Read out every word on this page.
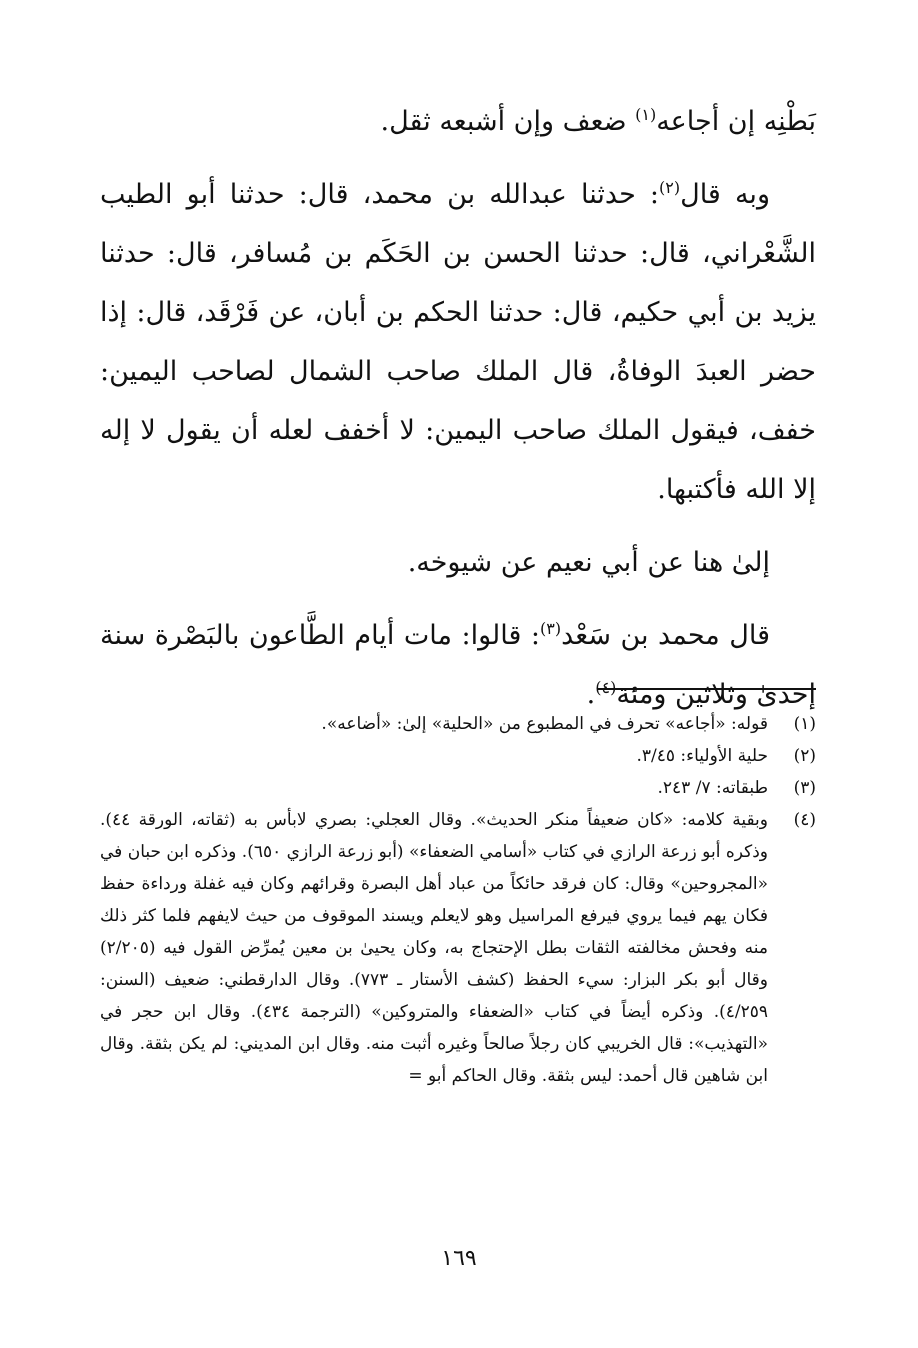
بَطْنِه إن أجاعه$^{(١)}$ ضعف وإن أشبعه ثقل.

وبه قال$^{(٢)}$: حدثنا عبدالله بن محمد، قال: حدثنا أبو الطيب الشَّعْراني، قال: حدثنا الحسن بن الحَكَم بن مُسافر، قال: حدثنا يزيد بن أبي حكيم، قال: حدثنا الحكم بن أبان، عن فَرْقَد، قال: إذا حضر العبدَ الوفاةُ، قال الملك صاحب الشمال لصاحب اليمين: خفف، فيقول الملك صاحب اليمين: لا أخفف لعله أن يقول لا إله إلا الله فأكتبها.

إلىٰ هنا عن أبي نعيم عن شيوخه.

قال محمد بن سَعْد$^{(٣)}$: قالوا: مات أيام الطَّاعون بالبَصْرة سنة إحدىٰ وثلاثين ومئة$^{(٤)}$.

(١)
قوله: «أجاعه» تحرف في المطبوع من «الحلية» إلىٰ: «أضاعه».
(٢)
حلية الأولياء: ٣/٤٥.
(٣)
طبقاته: ٧/ ٢٤٣.
(٤)
وبقية كلامه: «كان ضعيفاً منكر الحديث». وقال العجلي: بصري لابأس به (ثقاته، الورقة ٤٤). وذكره أبو زرعة الرازي في كتاب «أسامي الضعفاء» (أبو زرعة الرازي ٦٥٠). وذكره ابن حبان في «المجروحين» وقال: كان فرقد حائكاً من عباد أهل البصرة وقرائهم وكان فيه غفلة ورداءة حفظ فكان يهم فيما يروي فيرفع المراسيل وهو لايعلم ويسند الموقوف من حيث لايفهم فلما كثر ذلك منه وفحش مخالفته الثقات بطل الإحتجاج به، وكان يحيىٰ بن معين يُمرِّض القول فيه (٢/٢٠٥) وقال أبو بكر البزار: سيء الحفظ (كشف الأستار ـ ٧٧٣). وقال الدارقطني: ضعيف (السنن: ٤/٢٥٩). وذكره أيضاً في كتاب «الضعفاء والمتروكين» (الترجمة ٤٣٤). وقال ابن حجر في «التهذيب»: قال الخريبي كان رجلاً صالحاً وغيره أثبت منه. وقال ابن المديني: لم يكن بثقة. وقال ابن شاهين قال أحمد: ليس بثقة. وقال الحاكم أبو =
١٦٩
